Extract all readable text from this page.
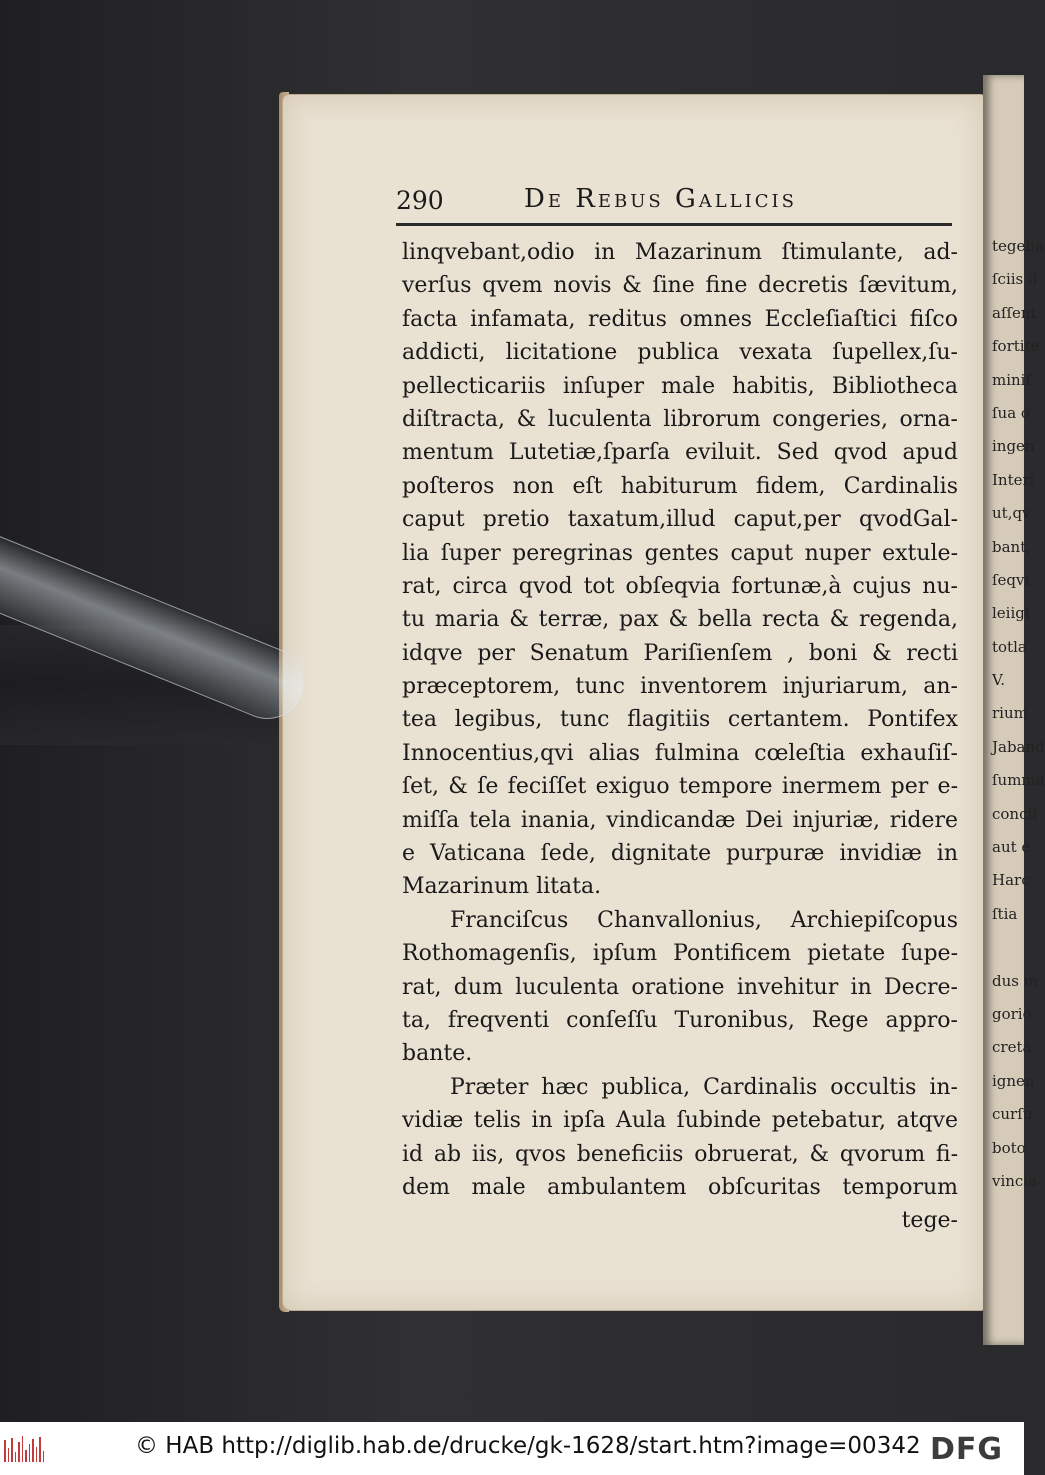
tegeba
ſciis ii
aſſent
fortite
miniſ
ſua o
ingen
Interi
ut,qv
bant,
ſeqvi
leiigi
totla
V.
rium
Jaband
ſumma
concil
aut e
Harc
ſtia
dus in
gorio
creta
ignen
curſu
boto
vincia
290	De Rebus Gallicis
linqvebant,odio in Mazarinum ſtimulante, ad-
verſus qvem novis & ſine fine decretis ſævitum,
facta infamata, reditus omnes Eccleſiaſtici fiſco
addicti, licitatione publica vexata ſupellex,ſu-
pellecticariis inſuper male habitis, Bibliotheca
diſtracta, & luculenta librorum congeries, orna-
mentum Lutetiæ,ſparſa eviluit. Sed qvod apud
poſteros non eſt habiturum fidem, Cardinalis
caput pretio taxatum,illud caput,per qvodGal-
lia ſuper peregrinas gentes caput nuper extule-
rat, circa qvod tot obſeqvia fortunæ,à cujus nu-
tu maria & terræ, pax & bella recta & regenda,
idqve per Senatum Pariſienſem , boni & recti
præceptorem, tunc inventorem injuriarum, an-
tea legibus, tunc flagitiis certantem. Pontifex
Innocentius,qvi alias fulmina cœleſtia exhauſiſ-
ſet, & ſe feciſſet exiguo tempore inermem per e-
miſſa tela inania, vindicandæ Dei injuriæ, ridere
e Vaticana ſede, dignitate purpuræ invidiæ in
Mazarinum litata.
Franciſcus Chanvallonius, Archiepiſcopus
Rothomagenſis, ipſum Pontificem pietate ſupe-
rat, dum luculenta oratione invehitur in Decre-
ta, freqventi conſeſſu Turonibus, Rege appro-
bante.
Præter hæc publica, Cardinalis occultis in-
vidiæ telis in ipſa Aula ſubinde petebatur, atqve
id ab iis, qvos beneficiis obruerat, & qvorum fi-
dem male ambulantem obſcuritas temporum
tege-
© HAB http://diglib.hab.de/drucke/gk-1628/start.htm?image=00342 DFG
